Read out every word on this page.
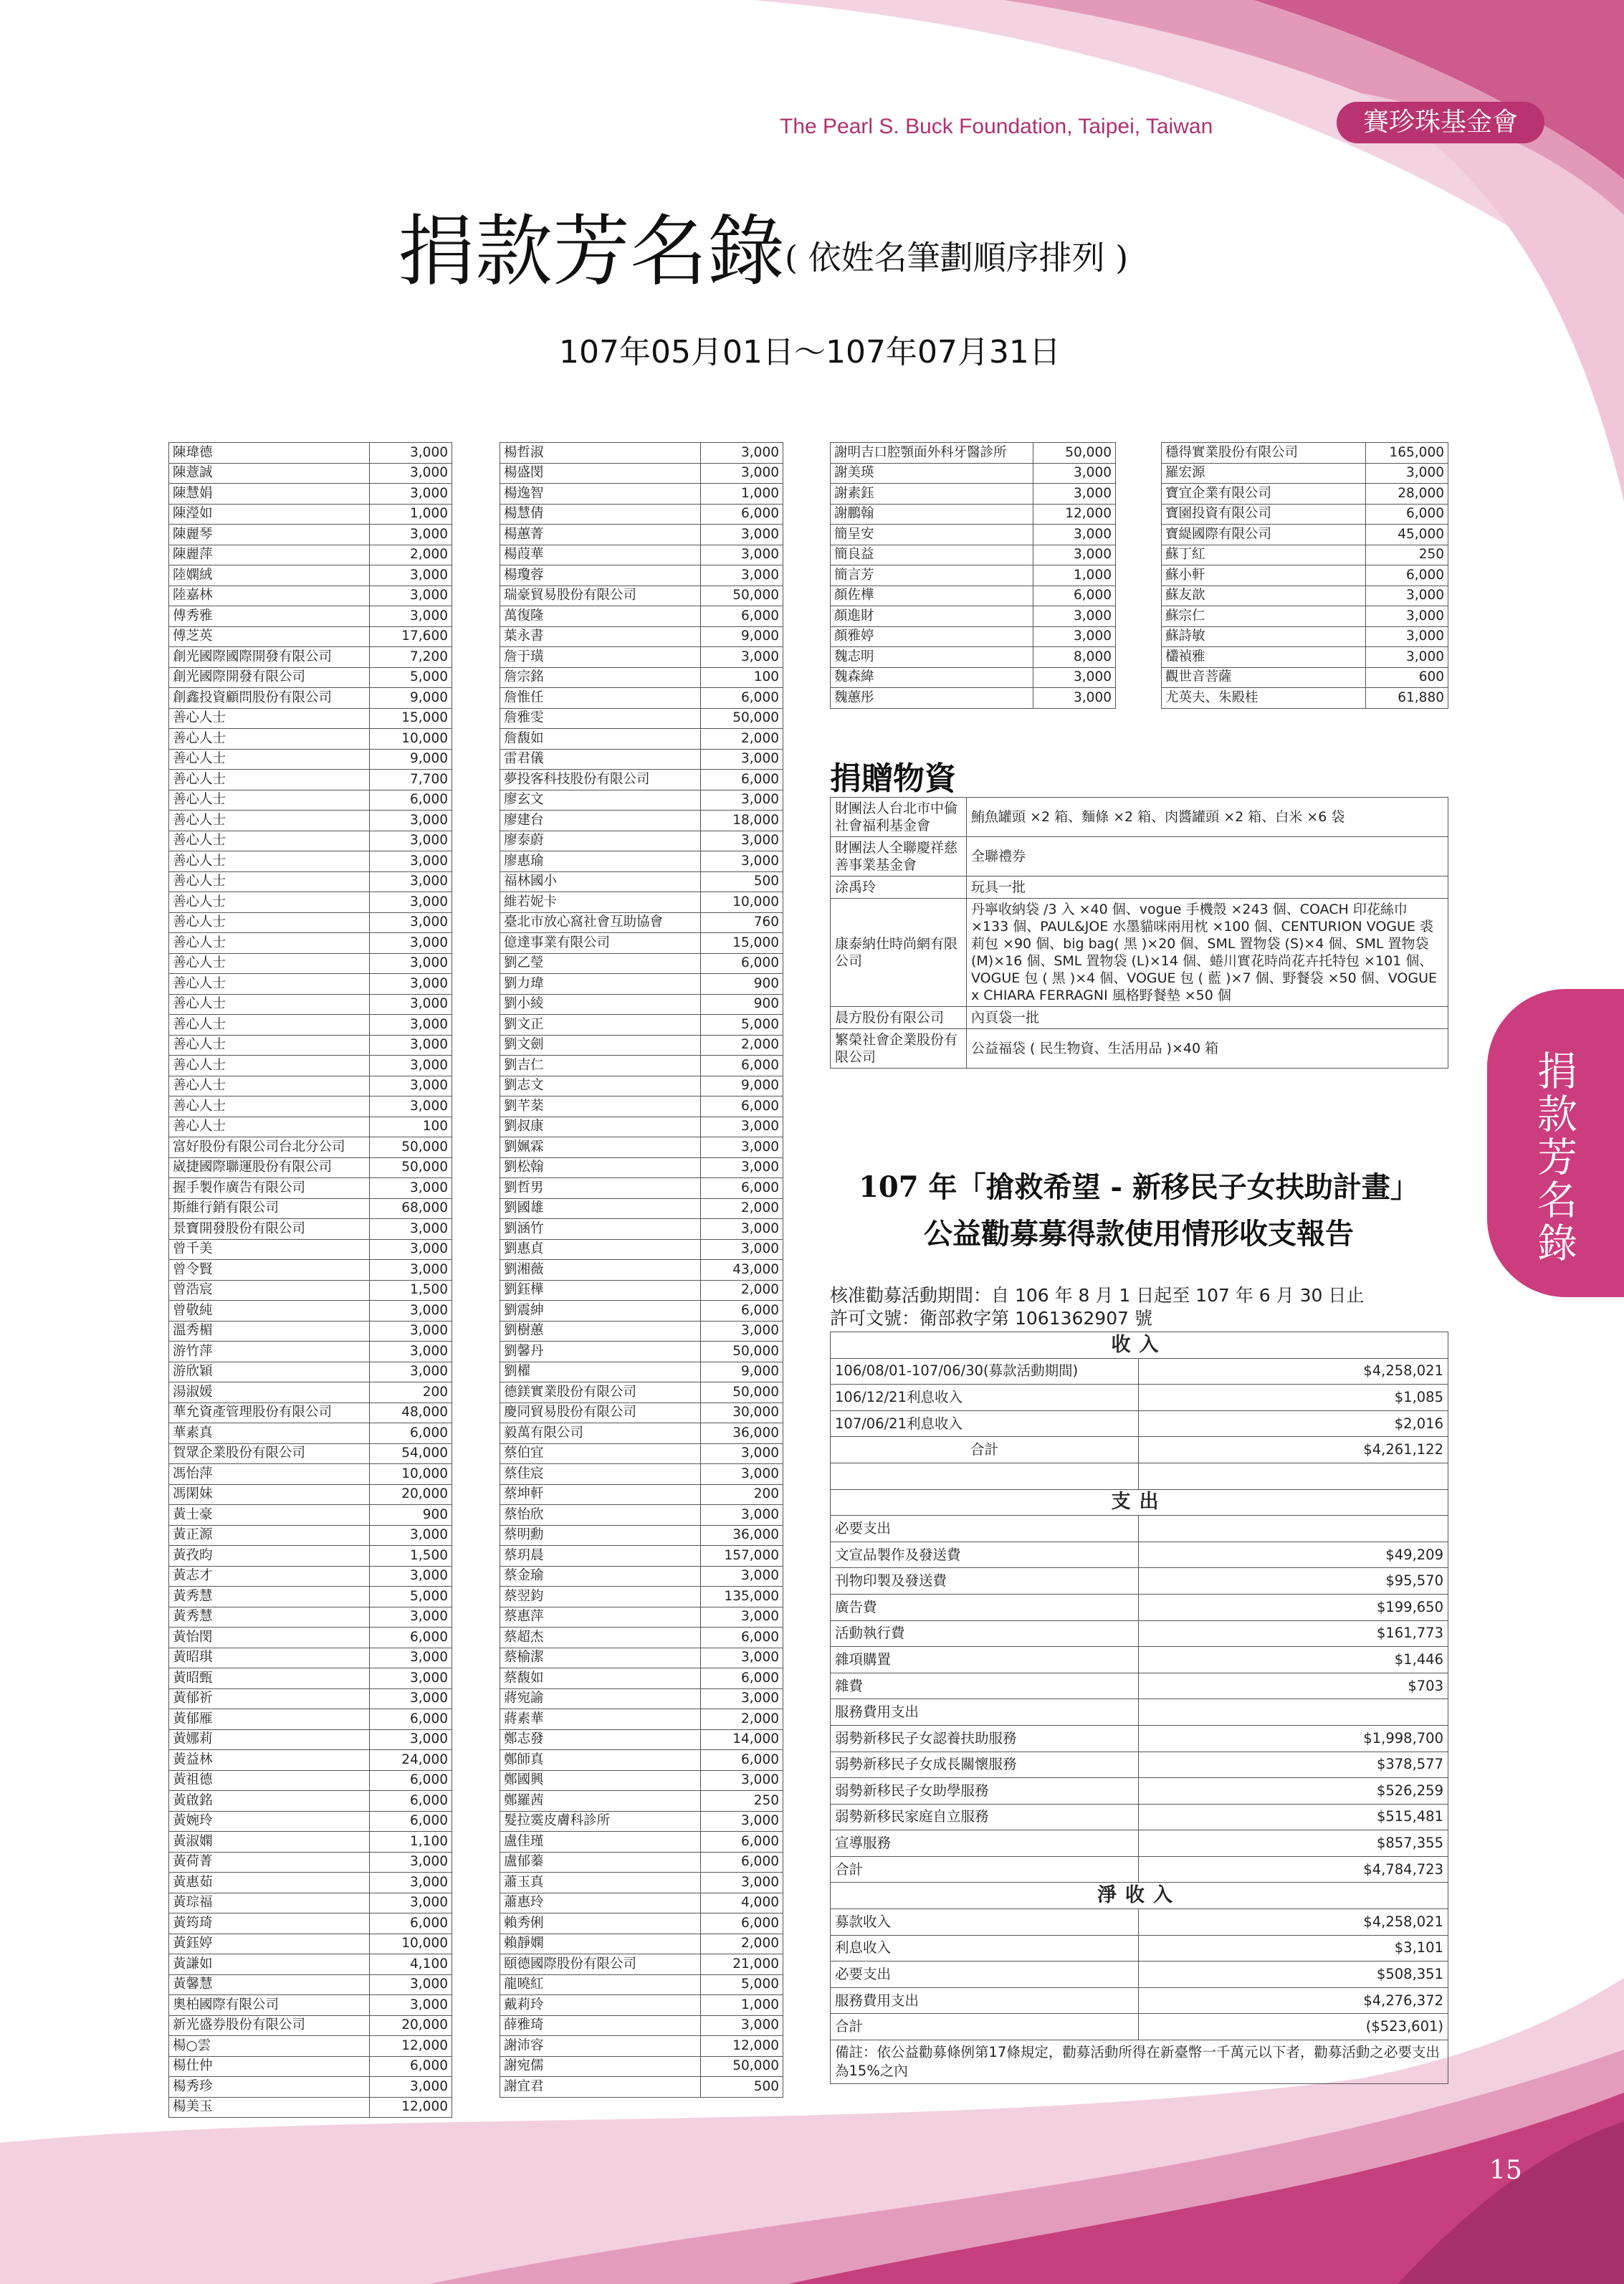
The Pearl S. Buck Foundation, Taipei, Taiwan	賽珍珠基金會
捐款芳名錄( 依姓名筆劃順序排列 )
107年05月01日～107年07月31日
陳瑋德	3,000
陳薏誠	3,000
陳慧娟	3,000
陳瀅如	1,000
陳麗琴	3,000
陳麗萍	2,000
陸嫻絨	3,000
陸嘉林	3,000
傅秀雅	3,000
傅芝英	17,600
創光國際國際開發有限公司	7,200
創光國際開發有限公司	5,000
創鑫投資顧問股份有限公司	9,000
善心人士	15,000
善心人士	10,000
善心人士	9,000
善心人士	7,700
善心人士	6,000
善心人士	3,000
善心人士	3,000
善心人士	3,000
善心人士	3,000
善心人士	3,000
善心人士	3,000
善心人士	3,000
善心人士	3,000
善心人士	3,000
善心人士	3,000
善心人士	3,000
善心人士	3,000
善心人士	3,000
善心人士	3,000
善心人士	3,000
善心人士	100
富好股份有限公司台北分公司	50,000
崴捷國際聯運股份有限公司	50,000
握手製作廣告有限公司	3,000
斯維行銷有限公司	68,000
景寶開發股份有限公司	3,000
曾千美	3,000
曾令賢	3,000
曾浩宸	1,500
曾敬純	3,000
溫秀楣	3,000
游竹萍	3,000
游欣穎	3,000
湯淑媛	200
華允資產管理股份有限公司	48,000
華素真	6,000
賀眾企業股份有限公司	54,000
馮怡萍	10,000
馮閑妹	20,000
黃士豪	900
黃正源	3,000
黃孜昀	1,500
黃志才	3,000
黃秀慧	5,000
黃秀慧	3,000
黃怡閔	6,000
黃昭琪	3,000
黃昭甄	3,000
黃郁祈	3,000
黃郁雁	6,000
黃娜莉	3,000
黃益林	24,000
黃祖德	6,000
黃啟銘	6,000
黃婉玲	6,000
黃淑嫻	1,100
黃荷菁	3,000
黃惠茹	3,000
黃琮福	3,000
黃筠琦	6,000
黃鈺婷	10,000
黃謙如	4,100
黃馨慧	3,000
奧柏國際有限公司	3,000
新光盛券股份有限公司	20,000
楊○雲	12,000
楊仕仲	6,000
楊秀珍	3,000
楊美玉	12,000
楊哲淑	3,000
楊盛閔	3,000
楊逸智	1,000
楊慧倩	6,000
楊蕙菁	3,000
楊葭華	3,000
楊瓊蓉	3,000
瑞豪貿易股份有限公司	50,000
萬復隆	6,000
葉永書	9,000
詹于璜	3,000
詹宗銘	100
詹惟任	6,000
詹雅雯	50,000
詹馥如	2,000
雷君儀	3,000
夢投客科技股份有限公司	6,000
廖玄文	3,000
廖建台	18,000
廖泰蔚	3,000
廖惠瑜	3,000
福林國小	500
維若妮卡	10,000
臺北市放心窩社會互助協會	760
億達事業有限公司	15,000
劉乙瑩	6,000
劉力瑋	900
劉小綾	900
劉文正	5,000
劉文劍	2,000
劉吉仁	6,000
劉志文	9,000
劉芊棻	6,000
劉叔康	3,000
劉姵霖	3,000
劉松翰	3,000
劉哲男	6,000
劉國雄	2,000
劉涵竹	3,000
劉惠貞	3,000
劉湘薇	43,000
劉鈺樺	2,000
劉震紳	6,000
劉樹蕙	3,000
劉馨丹	50,000
劉櫂	9,000
德鎂實業股份有限公司	50,000
慶同貿易股份有限公司	30,000
毅萬有限公司	36,000
蔡伯宜	3,000
蔡佳宸	3,000
蔡坤軒	200
蔡怡欣	3,000
蔡明勳	36,000
蔡玥晨	157,000
蔡金瑜	3,000
蔡翌鈞	135,000
蔡惠萍	3,000
蔡超杰	6,000
蔡榆潔	3,000
蔡馥如	6,000
蔣宛諭	3,000
蔣素華	2,000
鄭志發	14,000
鄭師真	6,000
鄭國興	3,000
鄭羅茜	250
髮拉霙皮膚科診所	3,000
盧佳瑾	6,000
盧郁蓁	6,000
蕭玉真	3,000
蕭惠玲	4,000
賴秀俐	6,000
賴靜嫻	2,000
頤德國際股份有限公司	21,000
龍曉紅	5,000
戴莉玲	1,000
薛雅琦	3,000
謝沛容	12,000
謝宛儒	50,000
謝宜君	500
謝明吉口腔顎面外科牙醫診所	50,000
謝美瑛	3,000
謝素鈺	3,000
謝鵬翰	12,000
簡呈安	3,000
簡良益	3,000
簡言芳	1,000
顏佐樺	6,000
顏進財	3,000
顏雅婷	3,000
魏志明	8,000
魏森緯	3,000
魏蕙彤	3,000
穩得實業股份有限公司	165,000
羅宏源	3,000
寶宜企業有限公司	28,000
寶園投資有限公司	6,000
寶緹國際有限公司	45,000
蘇丁紅	250
蘇小軒	6,000
蘇友歆	3,000
蘇宗仁	3,000
蘇詩敏	3,000
欉禎雅	3,000
觀世音菩薩	600
尤英夫、朱殿桂	61,880
捐贈物資
財團法人台北市中倫社會福利基金會	鮪魚罐頭 ×2 箱、麵條 ×2 箱、肉醬罐頭 ×2 箱、白米 ×6 袋
財團法人全聯慶祥慈善事業基金會	全聯禮券
涂禹玲	玩具一批
康泰納仕時尚網有限公司	丹寧收納袋 /3 入 ×40 個、vogue 手機殼 ×243 個、COACH 印花絲巾 ×133 個、PAUL&JOE 水墨貓咪兩用枕 ×100 個、CENTURION VOGUE 裘莉包 ×90 個、big bag( 黑 )×20 個、SML 置物袋 (S)×4 個、SML 置物袋 (M)×16 個、SML 置物袋 (L)×14 個、蜷川實花時尚花卉托特包 ×101 個、VOGUE 包 ( 黑 )×4 個、VOGUE 包 ( 藍 )×7 個、野餐袋 ×50 個、VOGUE x CHIARA FERRAGNI 風格野餐墊 ×50 個
晨方股份有限公司	內頁袋一批
繁榮社會企業股份有限公司	公益福袋 ( 民生物資、生活用品 )×40 箱
107 年「搶救希望 - 新移民子女扶助計畫」
公益勸募募得款使用情形收支報告
核准勸募活動期間：自 106 年 8 月 1 日起至 107 年 6 月 30 日止
許可文號：衛部救字第 1061362907 號
收入	
106/08/01-107/06/30(募款活動期間)	$4,258,021
106/12/21利息收入	$1,085
107/06/21利息收入	$2,016
合計	$4,261,122

支出	
必要支出	
文宣品製作及發送費	$49,209
刊物印製及發送費	$95,570
廣告費	$199,650
活動執行費	$161,773
雜項購置	$1,446
雜費	$703
服務費用支出	
弱勢新移民子女認養扶助服務	$1,998,700
弱勢新移民子女成長關懷服務	$378,577
弱勢新移民子女助學服務	$526,259
弱勢新移民家庭自立服務	$515,481
宣導服務	$857,355
合計	$4,784,723
淨收入	
募款收入	$4,258,021
利息收入	$3,101
必要支出	$508,351
服務費用支出	$4,276,372
合計	($523,601)
備註：依公益勸募條例第17條規定，勸募活動所得在新臺幣一千萬元以下者，勸募活動之必要支出為15%之內	
捐款芳名錄
15
